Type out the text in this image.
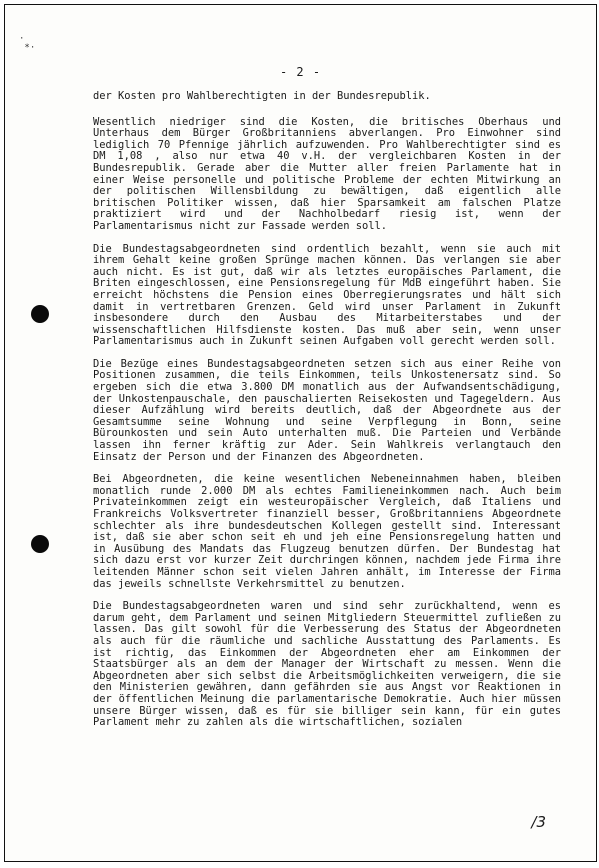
·
*·
- 2 -

der Kosten pro Wahlberechtigten in der Bundesrepublik.

Wesentlich niedriger sind die Kosten, die britisches Oberhaus und Unterhaus dem Bürger Großbritanniens abverlangen. Pro Einwohner sind lediglich 70 Pfennige jährlich aufzuwenden. Pro Wahlberechtigter sind es DM 1,08 , also nur etwa 40 v.H. der vergleichbaren Kosten in der Bundesrepublik. Gerade aber die Mutter aller freien Parlamente hat in einer Weise personelle und politische Probleme der echten Mitwirkung an der politischen Willensbildung zu bewältigen, daß eigentlich alle britischen Politiker wissen, daß hier Sparsamkeit am falschen Platze praktiziert wird und der Nachholbedarf riesig ist, wenn der Parlamentarismus nicht zur Fassade werden soll.

Die Bundestagsabgeordneten sind ordentlich bezahlt, wenn sie auch mit ihrem Gehalt keine großen Sprünge machen können. Das verlangen sie aber auch nicht. Es ist gut, daß wir als letztes europäisches Parlament, die Briten eingeschlossen, eine Pensionsregelung für MdB eingeführt haben. Sie erreicht höchstens die Pension eines Oberregierungsrates und hält sich damit in vertretbaren Grenzen. Geld wird unser Parlament in Zukunft insbesondere durch den Ausbau des Mitarbeiterstabes und der wissenschaftlichen Hilfsdienste kosten. Das muß aber sein, wenn unser Parlamentarismus auch in Zukunft seinen Aufgaben voll gerecht werden soll.

Die Bezüge eines Bundestagsabgeordneten setzen sich aus einer Reihe von Positionen zusammen, die teils Einkommen, teils Unkostenersatz sind. So ergeben sich die etwa 3.800 DM monatlich aus der Aufwandsentschädigung, der Unkostenpauschale, den pauschalierten Reisekosten und Tagegeldern. Aus dieser Aufzählung wird bereits deutlich, daß der Abgeordnete aus der Gesamtsumme seine Wohnung und seine Verpflegung in Bonn, seine Bürounkosten und sein Auto unterhalten muß. Die Parteien und Verbände lassen ihn ferner kräftig zur Ader. Sein Wahlkreis verlangtauch den Einsatz der Person und der Finanzen des Abgeordneten.

Bei Abgeordneten, die keine wesentlichen Nebeneinnahmen haben, bleiben monatlich runde 2.000 DM als echtes Familieneinkommen nach. Auch beim Privateinkommen zeigt ein westeuropäischer Vergleich, daß Italiens und Frankreichs Volksvertreter finanziell besser, Großbritanniens Abgeordnete schlechter als ihre bundesdeutschen Kollegen gestellt sind. Interessant ist, daß sie aber schon seit eh und jeh eine Pensionsregelung hatten und in Ausübung des Mandats das Flugzeug benutzen dürfen. Der Bundestag hat sich dazu erst vor kurzer Zeit durchringen können, nachdem jede Firma ihre leitenden Männer schon seit vielen Jahren anhält, im Interesse der Firma das jeweils schnellste Verkehrsmittel zu benutzen.

Die Bundestagsabgeordneten waren und sind sehr zurückhaltend, wenn es darum geht, dem Parlament und seinen Mitgliedern Steuermittel zufließen zu lassen. Das gilt sowohl für die Verbesserung des Status der Abgeordneten als auch für die räumliche und sachliche Ausstattung des Parlaments. Es ist richtig, das Einkommen der Abgeordneten eher am Einkommen der Staatsbürger als an dem der Manager der Wirtschaft zu messen. Wenn die Abgeordneten aber sich selbst die Arbeitsmöglichkeiten verweigern, die sie den Ministerien gewähren, dann gefährden sie aus Angst vor Reaktionen in der öffentlichen Meinung die parlamentarische Demokratie. Auch hier müssen unsere Bürger wissen, daß es für sie billiger sein kann, für ein gutes Parlament mehr zu zahlen als die wirtschaftlichen, sozialen

/3
